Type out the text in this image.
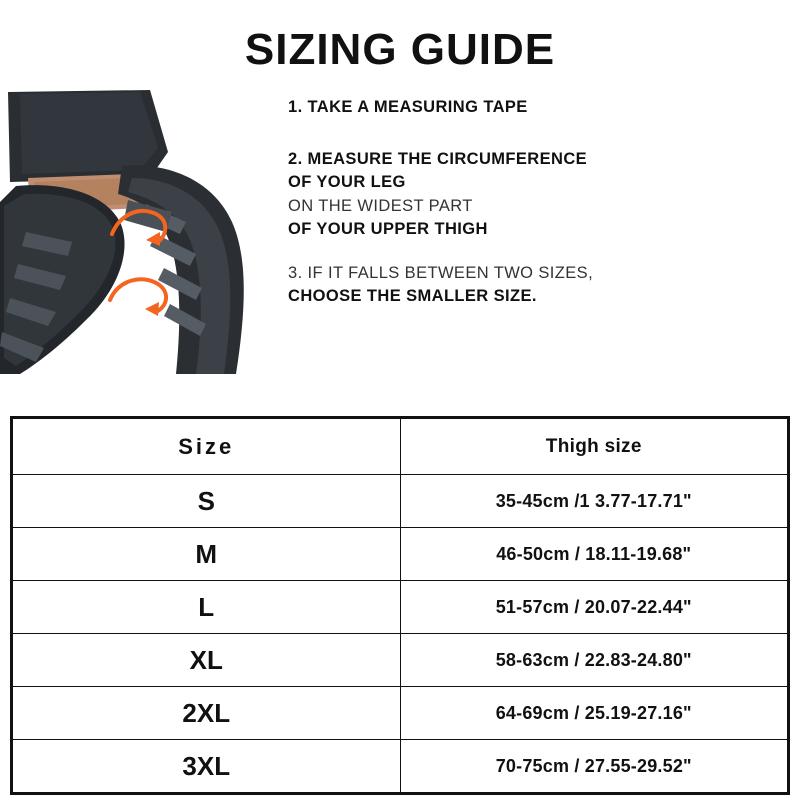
SIZING GUIDE
1. TAKE A MEASURING TAPE
2. MEASURE THE CIRCUMFERENCE
OF YOUR LEG
ON THE WIDEST PART
OF YOUR UPPER THIGH
3. IF IT FALLS BETWEEN TWO SIZES,
CHOOSE THE SMALLER SIZE.
Size	Thigh size
S	35-45cm /1 3.77-17.71"
M	46-50cm / 18.11-19.68"
L	51-57cm / 20.07-22.44"
XL	58-63cm / 22.83-24.80"
2XL	64-69cm / 25.19-27.16"
3XL	70-75cm / 27.55-29.52"
